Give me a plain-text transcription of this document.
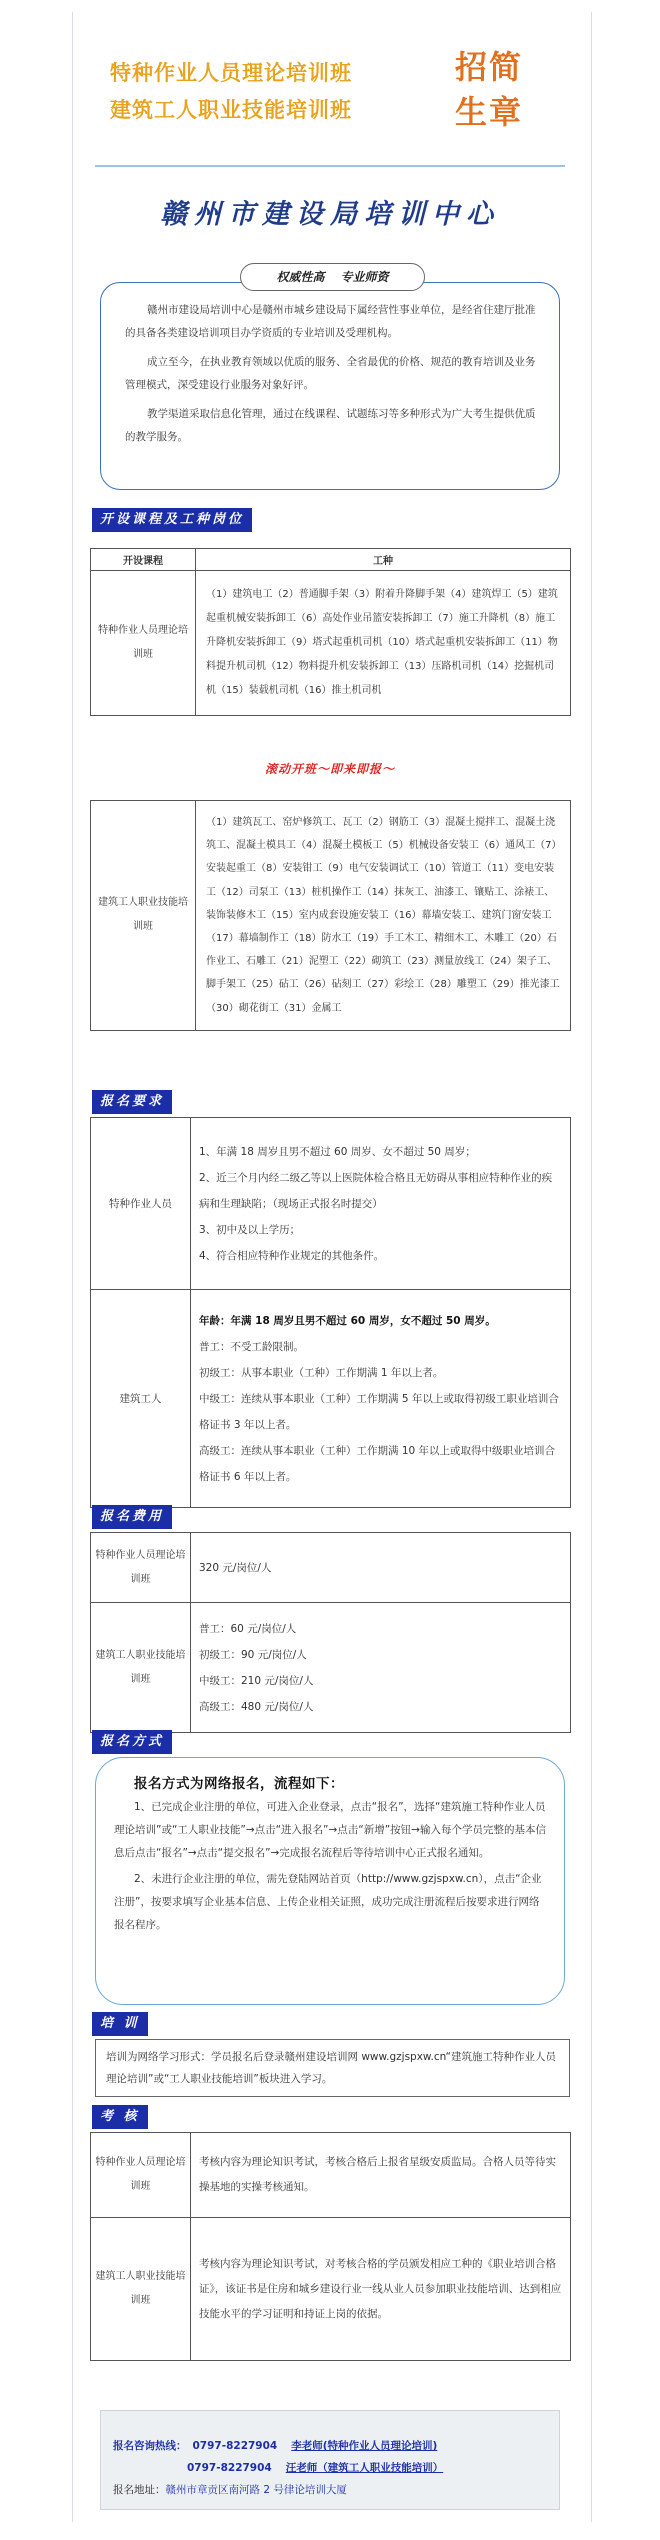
特种作业人员理论培训班
建筑工人职业技能培训班
招简
生章
赣州市建设局培训中心
权威性高 专业师资

赣州市建设局培训中心是赣州市城乡建设局下属经营性事业单位，是经省住建厅批准的具备各类建设培训项目办学资质的专业培训及受理机构。

成立至今，在执业教育领域以优质的服务、全省最优的价格、规范的教育培训及业务管理模式，深受建设行业服务对象好评。

教学渠道采取信息化管理，通过在线课程、试题练习等多种形式为广大考生提供优质的教学服务。

开设课程及工种岗位
开设课程	工种
特种作业人员理论培训班	（1）建筑电工（2）普通脚手架（3）附着升降脚手架（4）建筑焊工（5）建筑起重机械安装拆卸工（6）高处作业吊篮安装拆卸工（7）施工升降机（8）施工升降机安装拆卸工（9）塔式起重机司机（10）塔式起重机安装拆卸工（11）物料提升机司机（12）物料提升机安装拆卸工（13）压路机司机（14）挖掘机司机（15）装载机司机（16）推土机司机
滚动开班～即来即报～
建筑工人职业技能培训班	（1）建筑瓦工、窑炉修筑工、瓦工（2）钢筋工（3）混凝土搅拌工、混凝土浇筑工、混凝土模具工（4）混凝土模板工（5）机械设备安装工（6）通风工（7）安装起重工（8）安装钳工（9）电气安装调试工（10）管道工（11）变电安装工（12）司泵工（13）桩机操作工（14）抹灰工、油漆工、镶贴工、涂裱工、装饰装修木工（15）室内成套设施安装工（16）幕墙安装工、建筑门窗安装工（17）幕墙制作工（18）防水工（19）手工木工、精细木工、木雕工（20）石作业工、石雕工（21）泥塑工（22）砌筑工（23）测量放线工（24）架子工、脚手架工（25）砧工（26）砧刻工（27）彩绘工（28）雕塑工（29）推光漆工（30）砌花街工（31）金属工
报名要求
特种作业人员	1、年满 18 周岁且男不超过 60 周岁、女不超过 50 周岁；
2、近三个月内经二级乙等以上医院体检合格且无妨碍从事相应特种作业的疾病和生理缺陷；（现场正式报名时提交）
3、初中及以上学历；
4、符合相应特种作业规定的其他条件。

建筑工人	年龄：年满 18 周岁且男不超过 60 周岁，女不超过 50 周岁。
普工：不受工龄限制。
初级工：从事本职业（工种）工作期满 1 年以上者。
中级工：连续从事本职业（工种）工作期满 5 年以上或取得初级工职业培训合格证书 3 年以上者。
高级工：连续从事本职业（工种）工作期满 10 年以上或取得中级职业培训合格证书 6 年以上者。
报名费用
特种作业人员理论培训班	320 元/岗位/人
建筑工人职业技能培训班	普工：60 元/岗位/人
初级工：90 元/岗位/人
中级工：210 元/岗位/人
高级工：480 元/岗位/人
报名方式
报名方式为网络报名，流程如下：

1、已完成企业注册的单位，可进入企业登录，点击“报名”，选择“建筑施工特种作业人员理论培训”或“工人职业技能”→点击“进入报名”→点击“新增”按钮→输入每个学员完整的基本信息后点击“报名”→点击“提交报名”→完成报名流程后等待培训中心正式报名通知。

2、未进行企业注册的单位，需先登陆网站首页（http://www.gzjspxw.cn），点击“企业注册”，按要求填写企业基本信息、上传企业相关证照，成功完成注册流程后按要求进行网络报名程序。

培 训
培训为网络学习形式：学员报名后登录赣州建设培训网 www.gzjspxw.cn“建筑施工特种作业人员理论培训”或“工人职业技能培训”板块进入学习。
考 核
特种作业人员理论培训班	考核内容为理论知识考试，考核合格后上报省星级安质监局。合格人员等待实操基地的实操考核通知。
建筑工人职业技能培训班	考核内容为理论知识考试，对考核合格的学员颁发相应工种的《职业培训合格证》，该证书是住房和城乡建设行业一线从业人员参加职业技能培训、达到相应技能水平的学习证明和持证上岗的依据。
报名咨询热线： 0797-8227904 李老师(特种作业人员理论培训)
0797-8227904 汪老师（建筑工人职业技能培训）
报名地址：赣州市章贡区南河路 2 号律论培训大厦
